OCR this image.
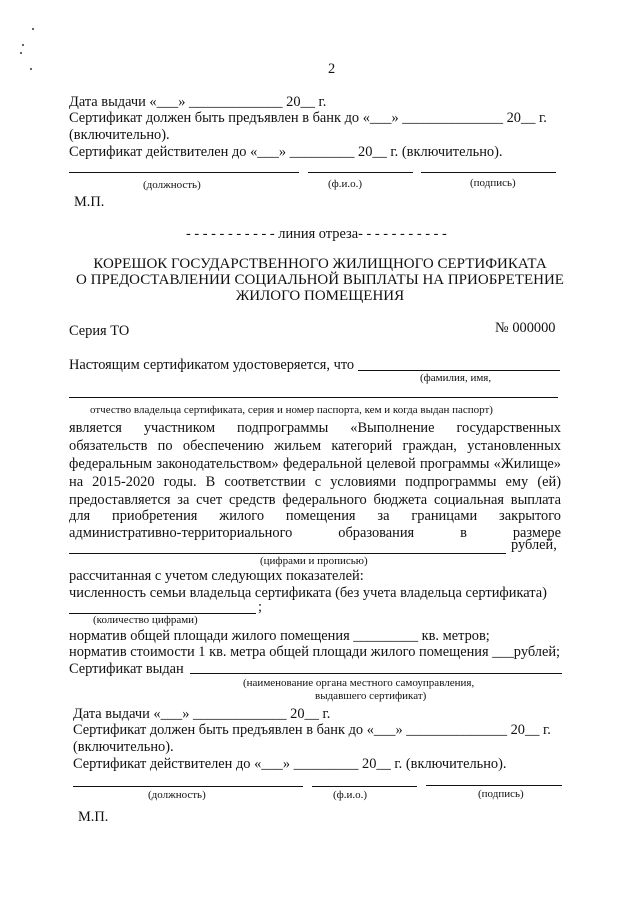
2
Дата выдачи «___» _____________ 20__ г.
Сертификат должен быть предъявлен в банк до «___» ______________ 20__ г.
(включительно).
Сертификат действителен до «___» _________ 20__ г. (включительно).
(должность)	(ф.и.о.)	(подпись)
М.П.
- - - - - - - - - - - линия отреза- - - - - - - - - - -
КОРЕШОК ГОСУДАРСТВЕННОГО ЖИЛИЩНОГО СЕРТИФИКАТА
О ПРЕДОСТАВЛЕНИИ СОЦИАЛЬНОЙ ВЫПЛАТЫ НА ПРИОБРЕТЕНИЕ
ЖИЛОГО ПОМЕЩЕНИЯ
Серия ТО	№ 000000
Настоящим сертификатом удостоверяется, что
(фамилия, имя,
отчество владельца сертификата, серия и номер паспорта, кем и когда выдан паспорт)
является участником подпрограммы «Выполнение государственных
обязательств по обеспечению жильем категорий граждан, установленных
федеральным законодательством» федеральной целевой программы «Жилище»
на 2015-2020 годы. В соответствии с условиями подпрограммы ему (ей)
предоставляется за счет средств федерального бюджета социальная выплата
для приобретения жилого помещения за границами закрытого
административно-территориального	образования	в	размере
рублей,
(цифрами и прописью)
рассчитанная с учетом следующих показателей:
численность семьи владельца сертификата (без учета владельца сертификата)
;
(количество цифрами)
норматив общей площади жилого помещения _________ кв. метров;
норматив стоимости 1 кв. метра общей площади жилого помещения ___рублей;
Сертификат выдан
(наименование органа местного самоуправления,
выдавшего сертификат)
Дата выдачи «___» _____________ 20__ г.
Сертификат должен быть предъявлен в банк до «___» ______________ 20__ г.
(включительно).
Сертификат действителен до «___» _________ 20__ г. (включительно).
(должность)	(ф.и.о.)	(подпись)
М.П.
